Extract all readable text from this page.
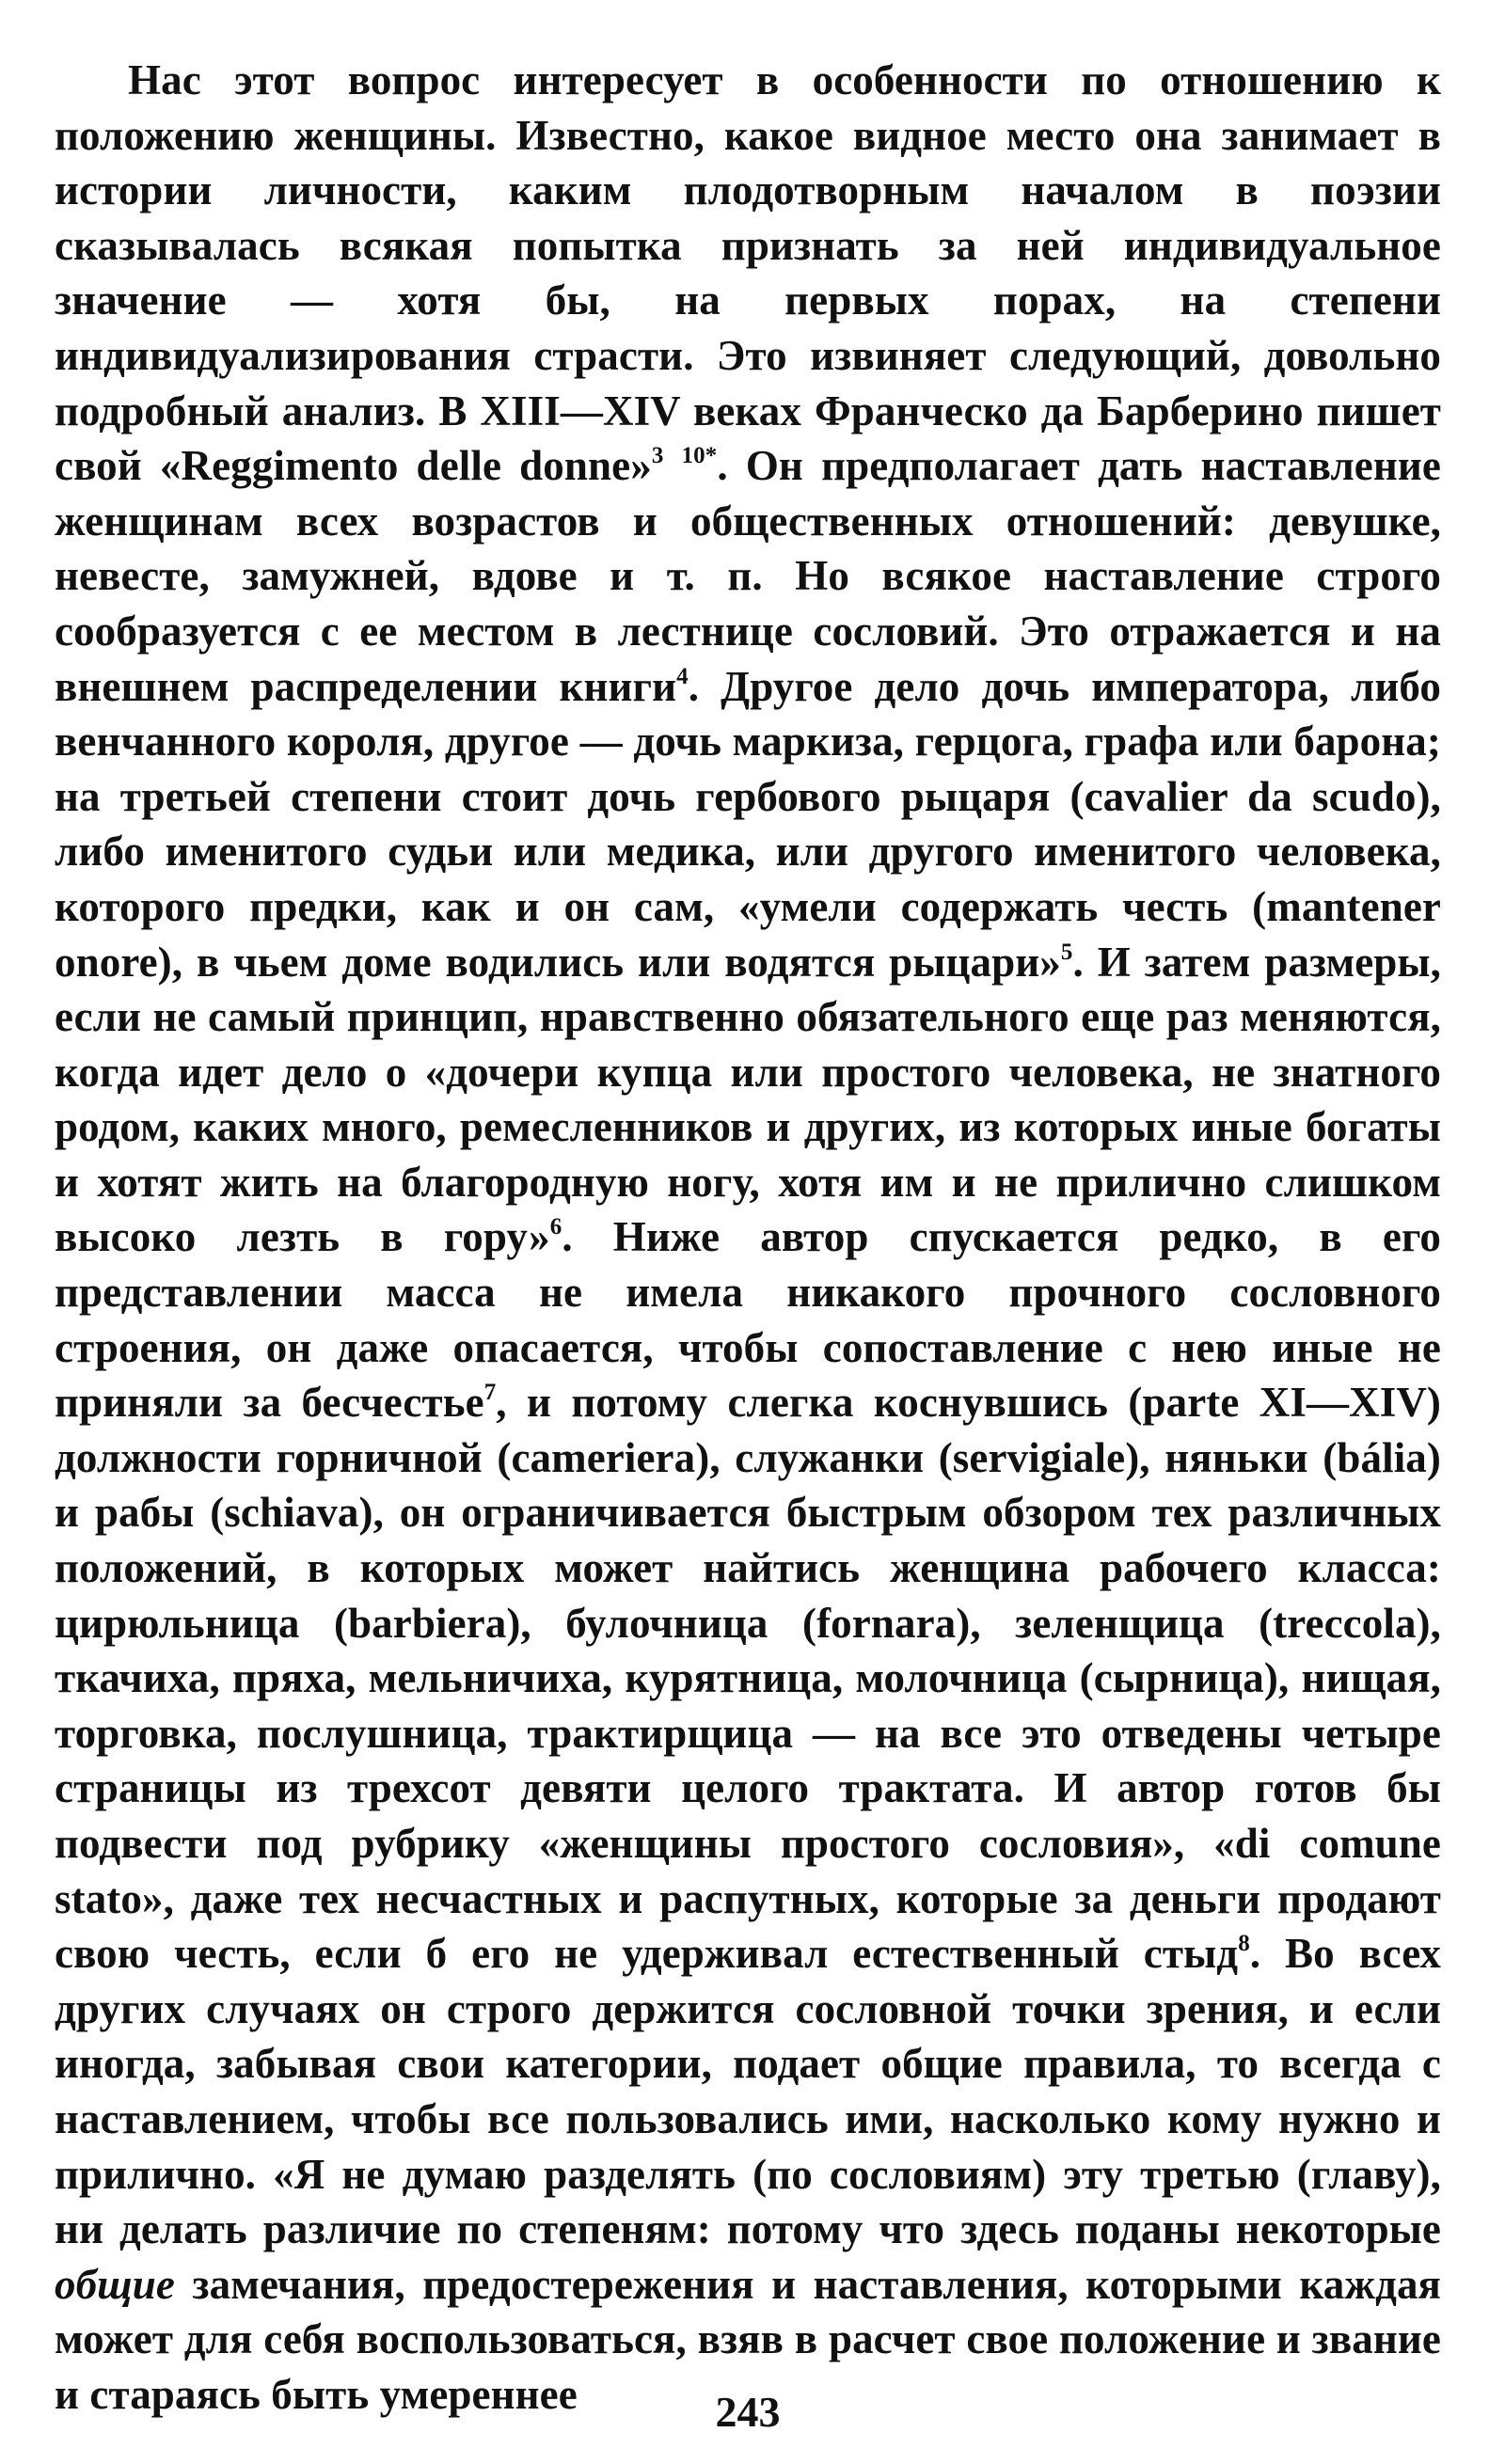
Нас этот вопрос интересует в особенности по отношению к положению женщины. Известно, какое видное место она занимает в истории личности, каким плодотворным началом в поэзии сказывалась всякая попытка признать за ней индивидуальное значение — хотя бы, на первых порах, на степени индивидуализирования страсти. Это извиняет следующий, довольно подробный анализ. В XIII—XIV веках Франческо да Барберино пишет свой «Reggimento delle donne»$^3$ $^{10*}$. Он предполагает дать наставление женщинам всех возрастов и общественных отношений: девушке, невесте, замужней, вдове и т. п. Но всякое наставление строго сообразуется с ее местом в лестнице сословий. Это отражается и на внешнем распределении книги$^4$. Другое дело дочь императора, либо венчанного короля, другое — дочь маркиза, герцога, графа или барона; на третьей степени стоит дочь гербового рыцаря (cavalier da scudo), либо именитого судьи или медика, или другого именитого человека, которого предки, как и он сам, «умели содержать честь (mantener onore), в чьем доме водились или водятся рыцари»$^5$. И затем размеры, если не самый принцип, нравственно обязательного еще раз меняются, когда идет дело о «дочери купца или простого человека, не знатного родом, каких много, ремесленников и других, из которых иные богаты и хотят жить на благородную ногу, хотя им и не прилично слишком высоко лезть в гору»$^6$. Ниже автор спускается редко, в его представлении масса не имела никакого прочного сословного строения, он даже опасается, чтобы сопоставление с нею иные не приняли за бесчестье$^7$, и потому слегка коснувшись (parte XI—XIV) должности горничной (cameriera), служанки (servigiale), няньки (bália) и рабы (schiava), он ограничивается быстрым обзором тех различных положений, в которых может найтись женщина рабочего класса: цирюльница (barbiera), булочница (fornara), зеленщица (treccola), ткачиха, пряха, мельничиха, курятница, молочница (сырница), нищая, торговка, послушница, трактирщица — на все это отведены четыре страницы из трехсот девяти целого трактата. И автор готов бы подвести под рубрику «женщины простого сословия», «di comune stato», даже тех несчастных и распутных, которые за деньги продают свою честь, если б его не удерживал естественный стыд$^8$. Во всех других случаях он строго держится сословной точки зрения, и если иногда, забывая свои категории, подает общие правила, то всегда с наставлением, чтобы все пользовались ими, насколько кому нужно и прилично. «Я не думаю разделять (по сословиям) эту третью (главу), ни делать различие по степеням: потому что здесь поданы некоторые общие замечания, предостережения и наставления, которыми каждая может для себя воспользоваться, взяв в расчет свое положение и звание и стараясь быть умереннее	243
